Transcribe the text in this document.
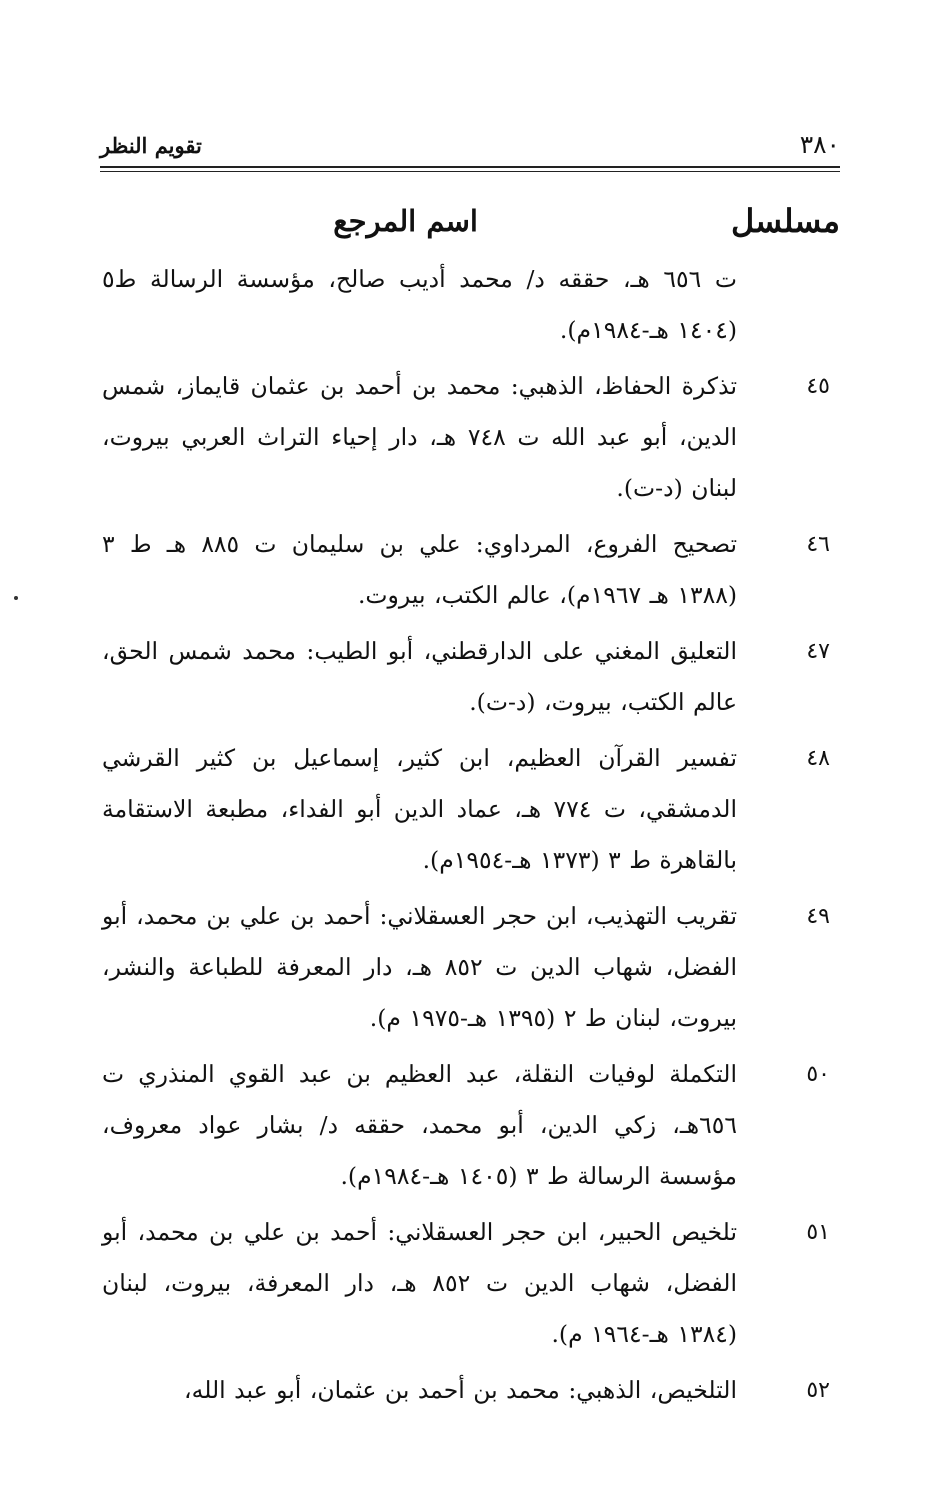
٣٨٠
تقويم النظر
مسلسل
اسم المرجع
ت ٦٥٦ هـ، حققه د/ محمد أديب صالح، مؤسسة الرسالة ط٥ (١٤٠٤ هـ-١٩٨٤م).
٤٥
تذكرة الحفاظ، الذهبي: محمد بن أحمد بن عثمان قايماز، شمس الدين، أبو عبد الله ت ٧٤٨ هـ، دار إحياء التراث العربي بيروت، لبنان (د-ت).
٤٦
تصحيح الفروع، المرداوي: علي بن سليمان ت ٨٨٥ هـ ط ٣ (١٣٨٨ هـ ١٩٦٧م)، عالم الكتب، بيروت.
٤٧
التعليق المغني على الدارقطني، أبو الطيب: محمد شمس الحق، عالم الكتب، بيروت، (د-ت).
٤٨
تفسير القرآن العظيم، ابن كثير، إسماعيل بن كثير القرشي الدمشقي، ت ٧٧٤ هـ، عماد الدين أبو الفداء، مطبعة الاستقامة بالقاهرة ط ٣ (١٣٧٣ هـ-١٩٥٤م).
٤٩
تقريب التهذيب، ابن حجر العسقلاني: أحمد بن علي بن محمد، أبو الفضل، شهاب الدين ت ٨٥٢ هـ، دار المعرفة للطباعة والنشر، بيروت، لبنان ط ٢ (١٣٩٥ هـ-١٩٧٥ م).
٥٠
التكملة لوفيات النقلة، عبد العظيم بن عبد القوي المنذري ت ٦٥٦هـ، زكي الدين، أبو محمد، حققه د/ بشار عواد معروف، مؤسسة الرسالة ط ٣ (١٤٠٥ هـ-١٩٨٤م).
٥١
تلخيص الحبير، ابن حجر العسقلاني: أحمد بن علي بن محمد، أبو الفضل، شهاب الدين ت ٨٥٢ هـ، دار المعرفة، بيروت، لبنان (١٣٨٤ هـ-١٩٦٤ م).
٥٢
التلخيص، الذهبي: محمد بن أحمد بن عثمان، أبو عبد الله،
